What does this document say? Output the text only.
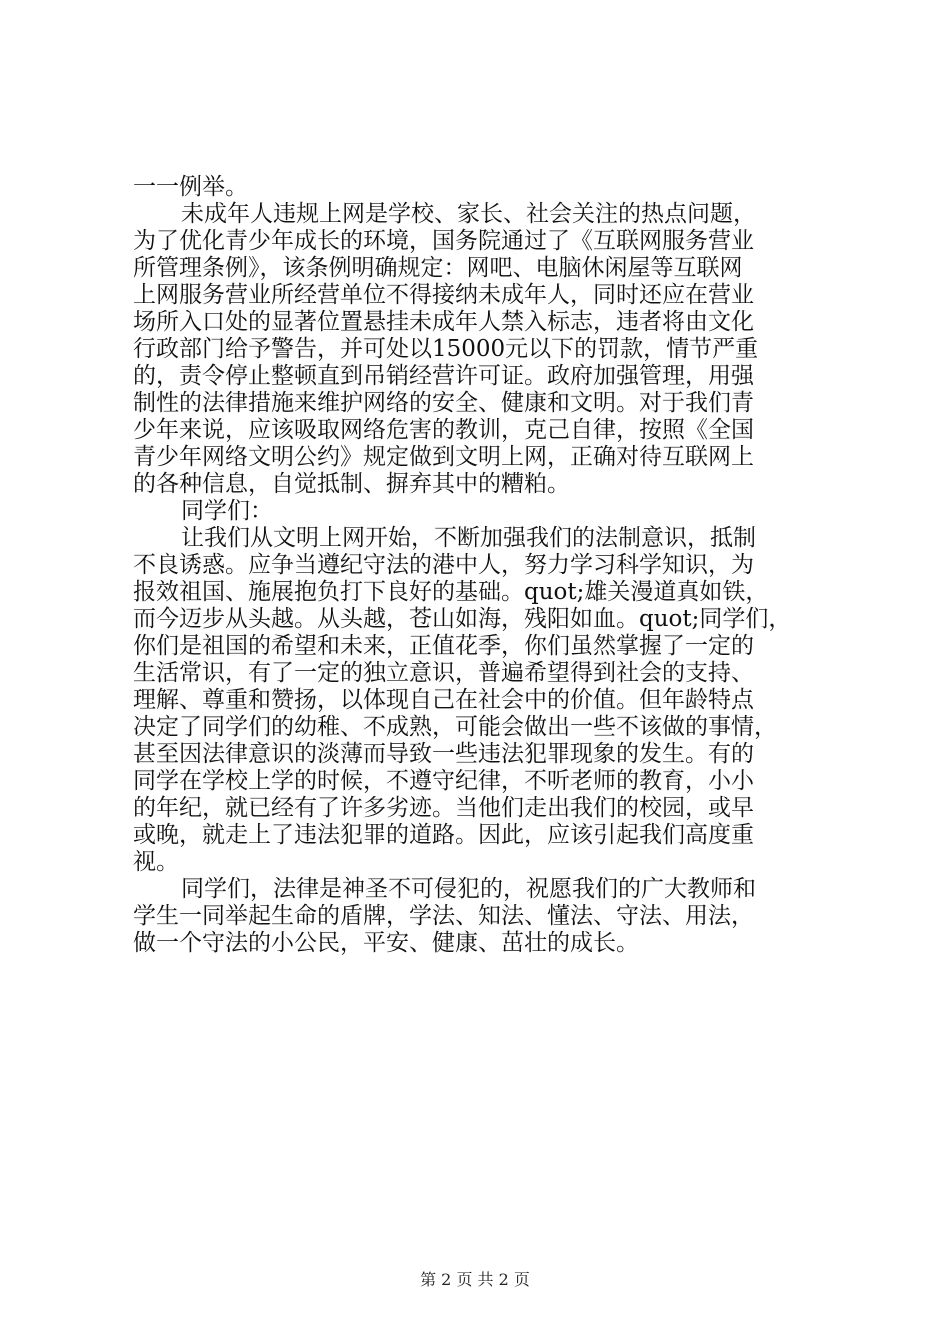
一一例举。
未成年人违规上网是学校、家长、社会关注的热点问题，
为了优化青少年成长的环境，国务院通过了《互联网服务营业
所管理条例》，该条例明确规定：网吧、电脑休闲屋等互联网
上网服务营业所经营单位不得接纳未成年人，同时还应在营业
场所入口处的显著位置悬挂未成年人禁入标志，违者将由文化
行政部门给予警告，并可处以15000元以下的罚款，情节严重
的，责令停止整顿直到吊销经营许可证。政府加强管理，用强
制性的法律措施来维护网络的安全、健康和文明。对于我们青
少年来说，应该吸取网络危害的教训，克己自律，按照《全国
青少年网络文明公约》规定做到文明上网，正确对待互联网上
的各种信息，自觉抵制、摒弃其中的糟粕。
同学们：
让我们从文明上网开始，不断加强我们的法制意识，抵制
不良诱惑。应争当遵纪守法的港中人，努力学习科学知识，为
报效祖国、施展抱负打下良好的基础。quot;雄关漫道真如铁，
而今迈步从头越。从头越，苍山如海，残阳如血。quot;同学们，
你们是祖国的希望和未来，正值花季，你们虽然掌握了一定的
生活常识，有了一定的独立意识，普遍希望得到社会的支持、
理解、尊重和赞扬，以体现自己在社会中的价值。但年龄特点
决定了同学们的幼稚、不成熟，可能会做出一些不该做的事情，
甚至因法律意识的淡薄而导致一些违法犯罪现象的发生。有的
同学在学校上学的时候，不遵守纪律，不听老师的教育，小小
的年纪，就已经有了许多劣迹。当他们走出我们的校园，或早
或晚，就走上了违法犯罪的道路。因此，应该引起我们高度重
视。
同学们，法律是神圣不可侵犯的，祝愿我们的广大教师和
学生一同举起生命的盾牌，学法、知法、懂法、守法、用法，
做一个守法的小公民，平安、健康、茁壮的成长。
第 2 页 共 2 页
